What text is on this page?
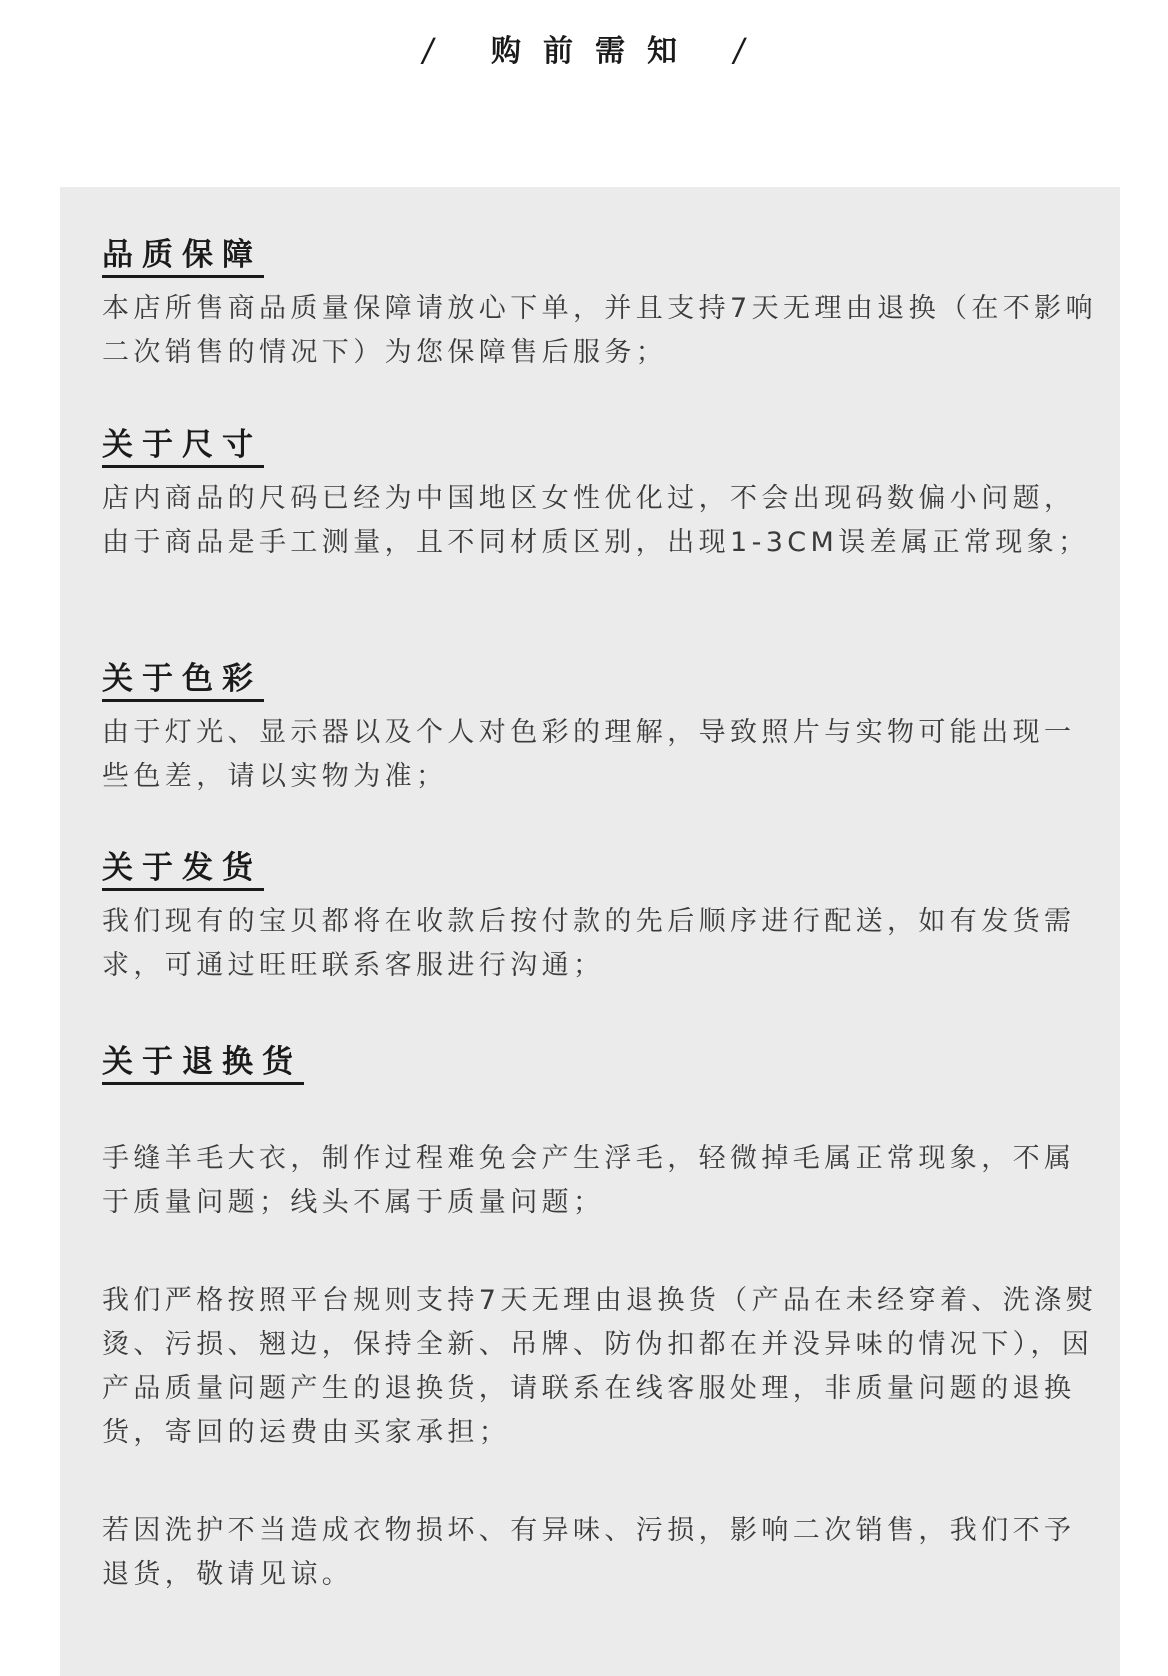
/ 购前需知 /
品质保障

本店所售商品质量保障请放心下单，并且支持7天无理由退换（在不影响二次销售的情况下）为您保障售后服务；

关于尺寸

店内商品的尺码已经为中国地区女性优化过，不会出现码数偏小问题，由于商品是手工测量，且不同材质区别，出现1-3CM误差属正常现象；

关于色彩

由于灯光、显示器以及个人对色彩的理解，导致照片与实物可能出现一些色差，请以实物为准；

关于发货

我们现有的宝贝都将在收款后按付款的先后顺序进行配送，如有发货需求，可通过旺旺联系客服进行沟通；

关于退换货

手缝羊毛大衣，制作过程难免会产生浮毛，轻微掉毛属正常现象，不属于质量问题；线头不属于质量问题；

我们严格按照平台规则支持7天无理由退换货（产品在未经穿着、洗涤熨烫、污损、翘边，保持全新、吊牌、防伪扣都在并没异味的情况下），因产品质量问题产生的退换货，请联系在线客服处理，非质量问题的退换货，寄回的运费由买家承担；

若因洗护不当造成衣物损坏、有异味、污损，影响二次销售，我们不予退货，敬请见谅。
